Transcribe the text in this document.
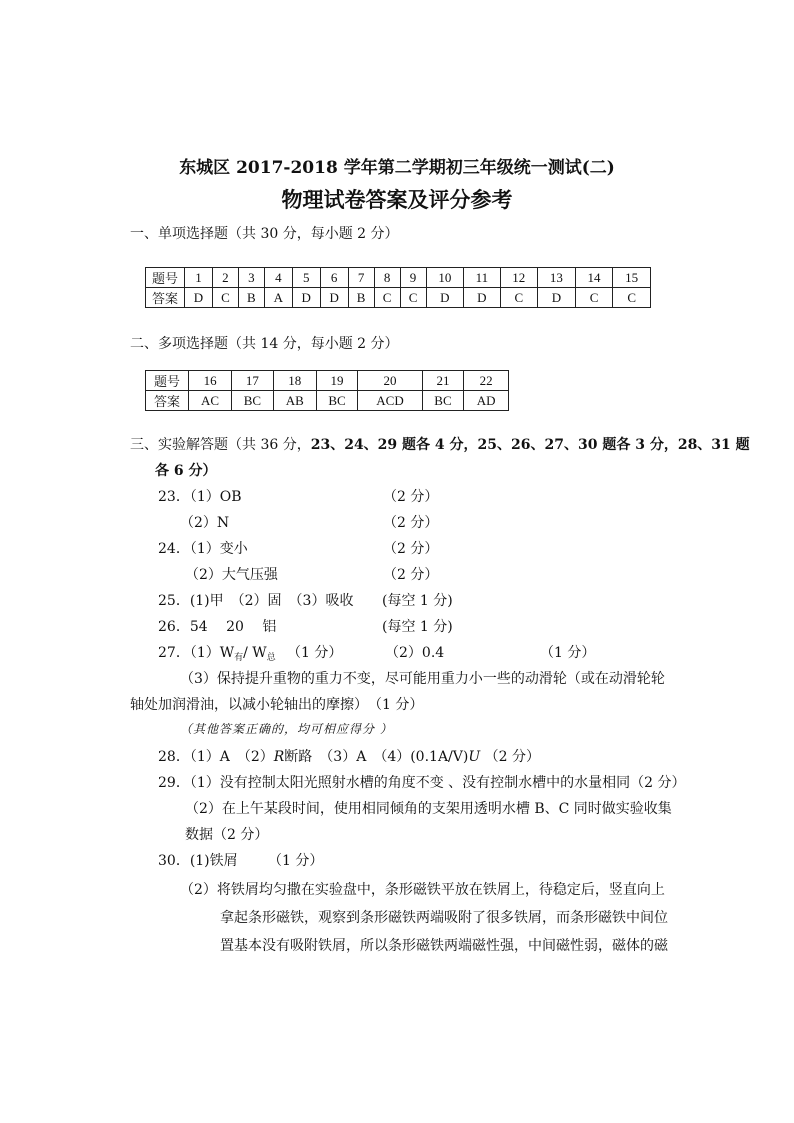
东城区 2017-2018 学年第二学期初三年级统一测试(二)
物理试卷答案及评分参考
一、单项选择题（共 30 分，每小题 2 分）
题号	1	2	3	4	5	6	7	8	9	10	11	12	13	14	15
答案	D	C	B	A	D	D	B	C	C	D	D	C	D	C	C
二、多项选择题（共 14 分，每小题 2 分）
题号	16	17	18	19	20	21	22
答案	AC	BC	AB	BC	ACD	BC	AD
三、实验解答题（共 36 分，23、24、29 题各 4 分，25、26、27、30 题各 3 分，28、31 题
各 6 分）
23．（1）OB	（2 分）
（2）N	（2 分）
24．（1）变小	（2 分）
（2）大气压强	（2 分）
25．(1)甲　（2）固　（3）吸收 (每空 1 分)
26．54　 20　 铝	(每空 1 分)
27．$(1)W_有/$ $W_总$ （1 分）	（2）0.4	（1 分）
（3）保持提升重物的重力不变，尽可能用重力小一些的动滑轮（或在动滑轮轮
轴处加润滑油，以减小轮轴出的摩擦）　（1 分）
（其他答案正确的，均可相应得分 ）
28．（1）A　（2）R断路　（3）A　（4）(0.1A/V)U （2 分）
29．（1）没有控制太阳光照射水槽的角度不变 、没有控制水槽中的水量相同（2 分）
（2）在上午某段时间，使用相同倾角的支架用透明水槽 B、C 同时做实验收集
数据（2 分）
30．(1)铁屑 （1 分）
（2）将铁屑均匀撒在实验盘中，条形磁铁平放在铁屑上，待稳定后，竖直向上
拿起条形磁铁，观察到条形磁铁两端吸附了很多铁屑，而条形磁铁中间位
置基本没有吸附铁屑，所以条形磁铁两端磁性强，中间磁性弱，磁体的磁
